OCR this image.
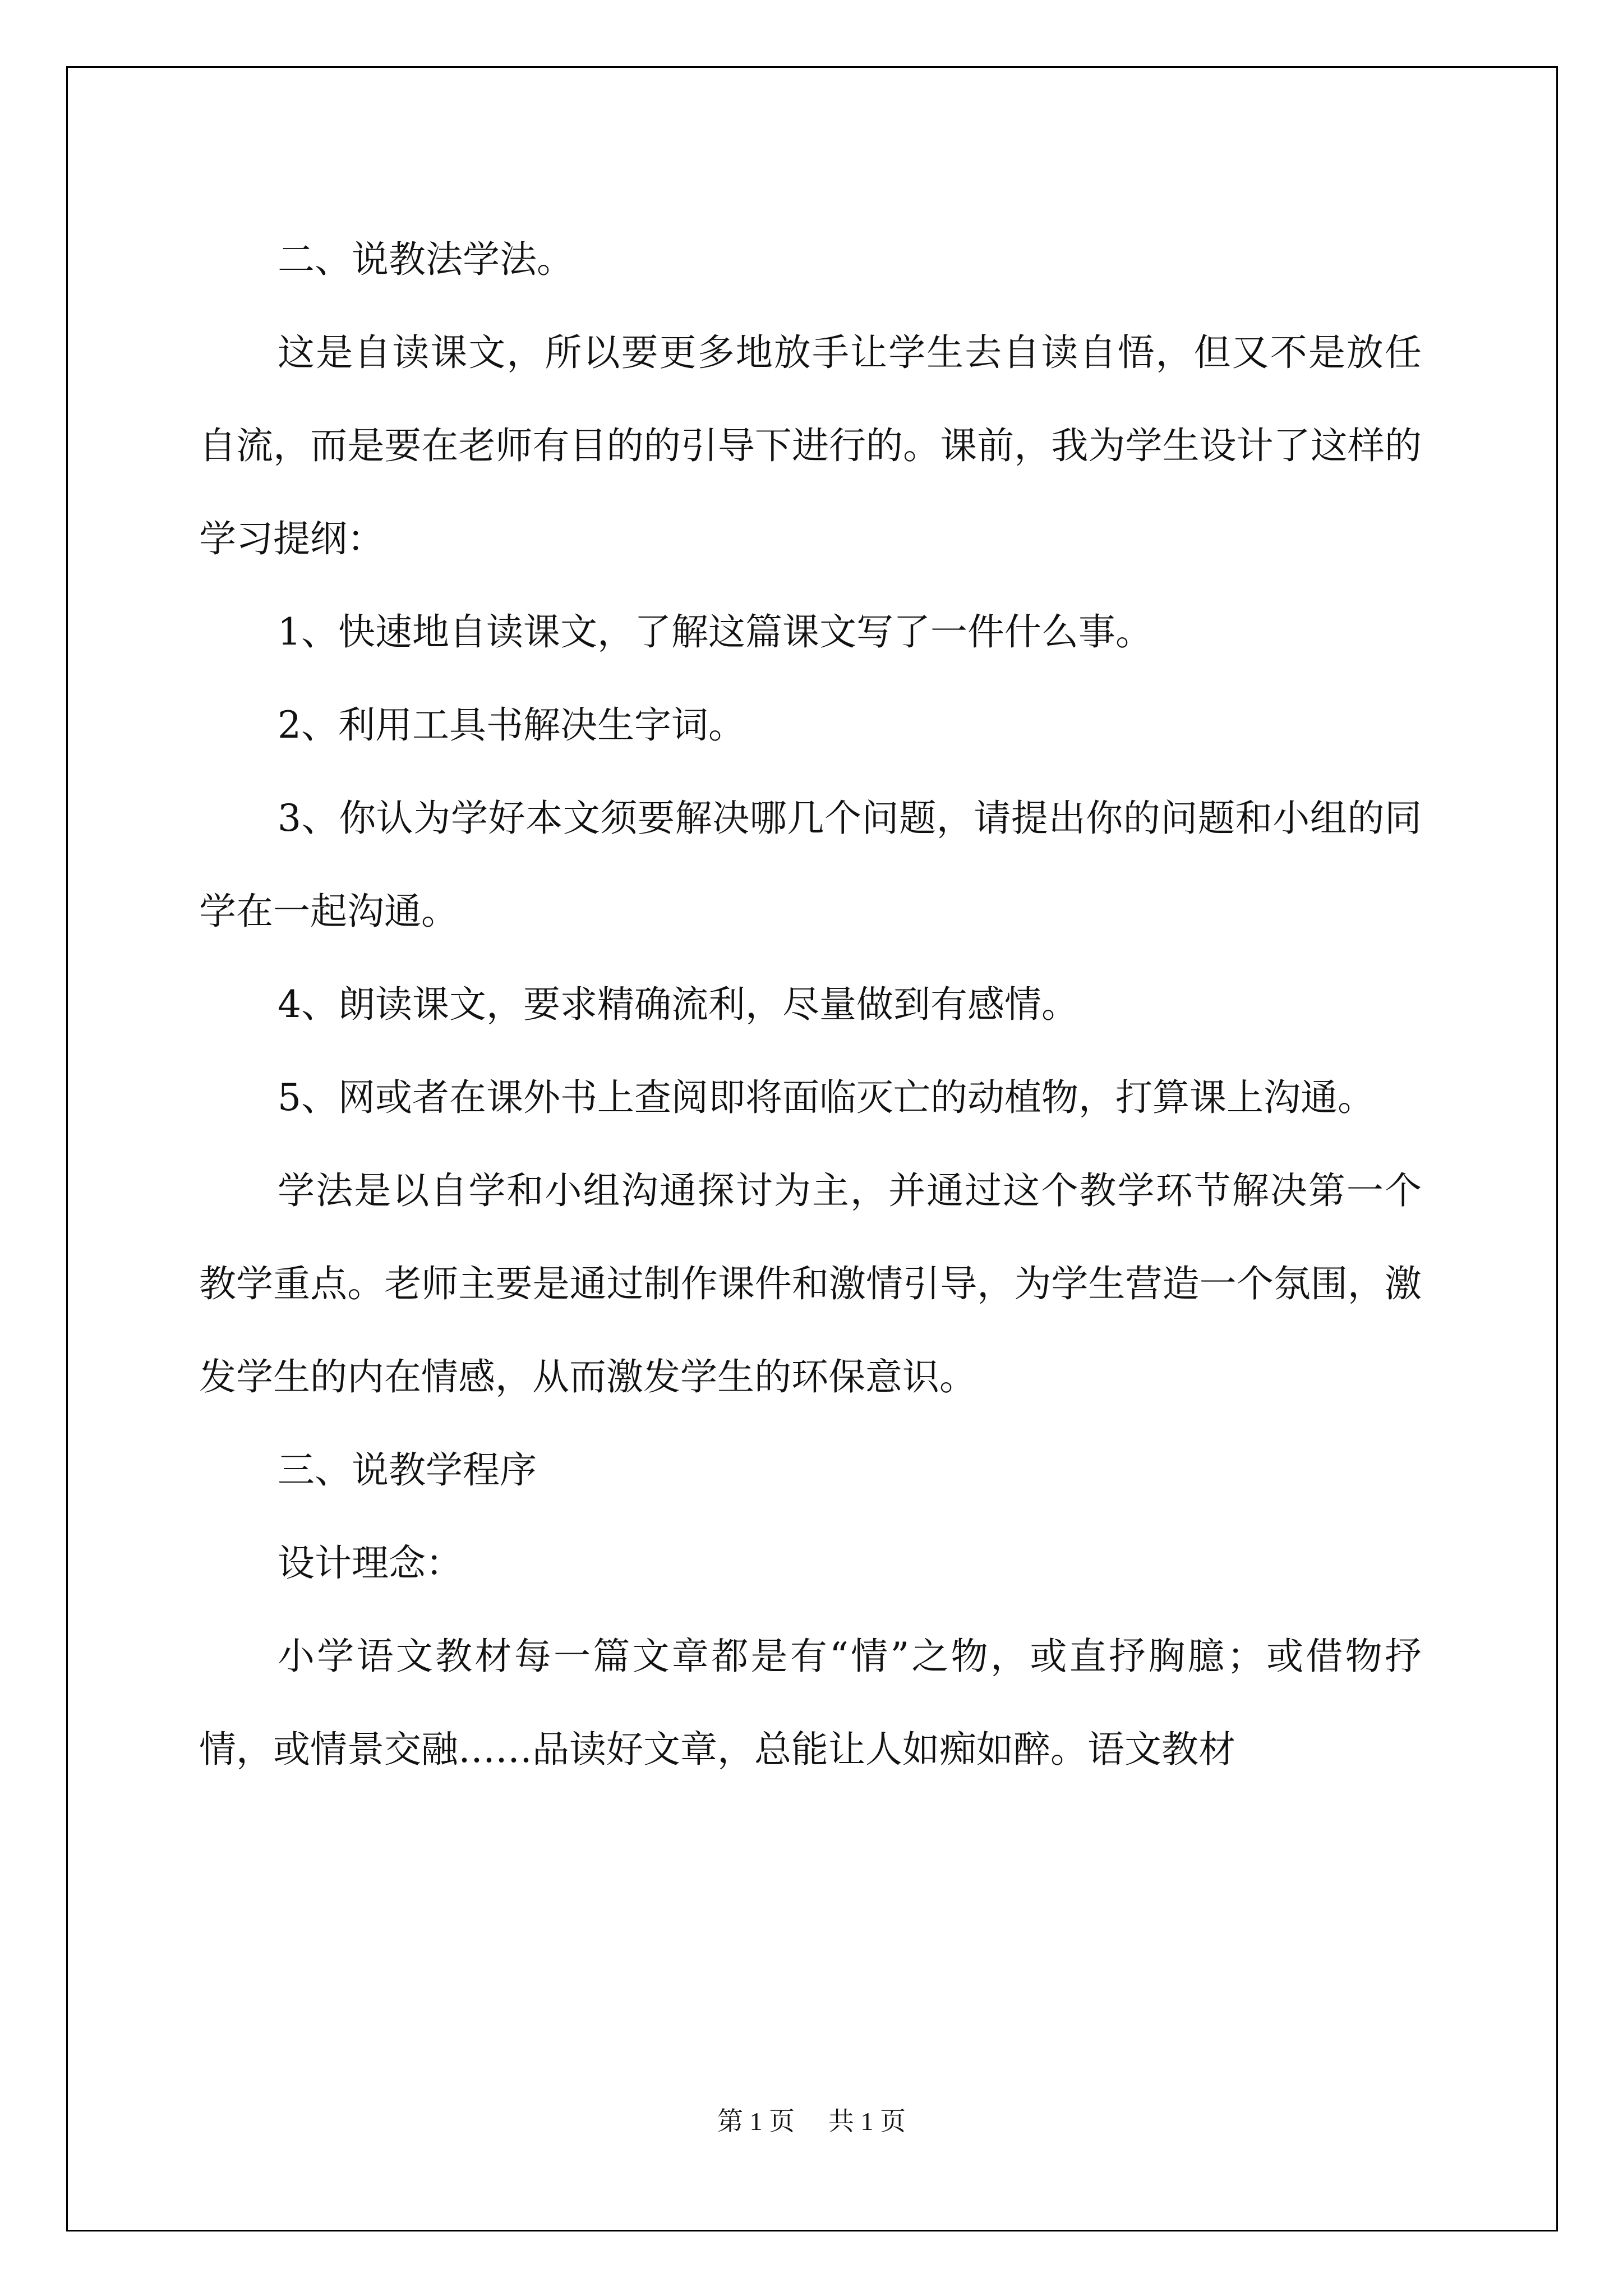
二、说教法学法。

这是自读课文，所以要更多地放手让学生去自读自悟，但又不是放任自流，而是要在老师有目的的引导下进行的。课前，我为学生设计了这样的学习提纲：

1、快速地自读课文，了解这篇课文写了一件什么事。

2、利用工具书解决生字词。

3、你认为学好本文须要解决哪几个问题，请提出你的问题和小组的同学在一起沟通。

4、朗读课文，要求精确流利，尽量做到有感情。

5、网或者在课外书上查阅即将面临灭亡的动植物，打算课上沟通。

学法是以自学和小组沟通探讨为主，并通过这个教学环节解决第一个教学重点。老师主要是通过制作课件和激情引导，为学生营造一个氛围，激发学生的内在情感，从而激发学生的环保意识。

三、说教学程序

设计理念：

小学语文教材每一篇文章都是有“情”之物，或直抒胸臆；或借物抒情，或情景交融……品读好文章，总能让人如痴如醉。语文教材

第 1 页 共 1 页
